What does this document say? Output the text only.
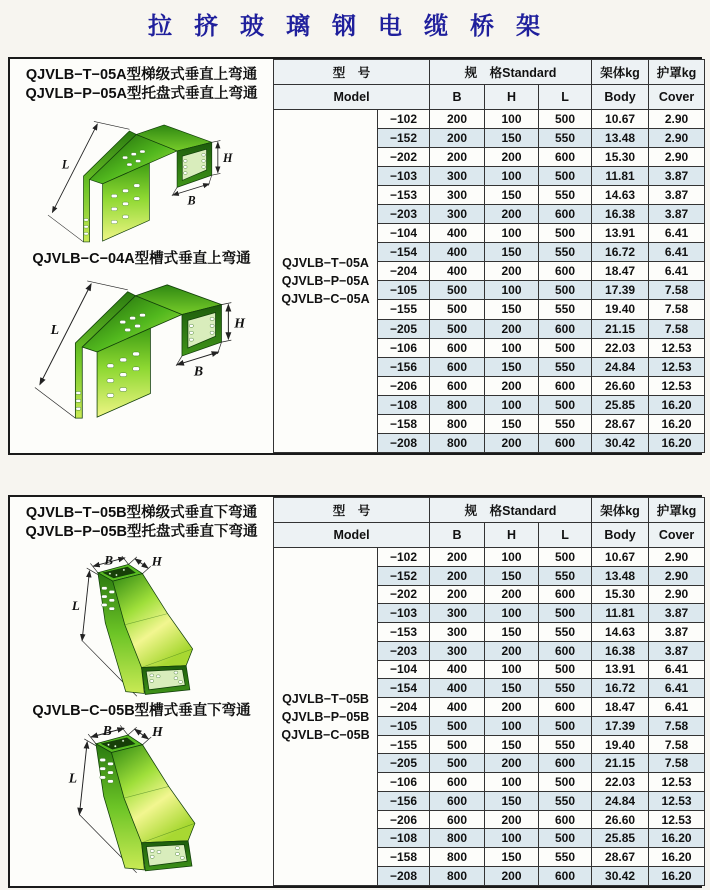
拉挤玻璃钢电缆桥架
QJVLB−T−05A型梯级式垂直上弯通
QJVLB−P−05A型托盘式垂直上弯通
QJVLB−C−04A型槽式垂直上弯通
型　号		规　格Standard			架体kg	护罩kg
Model		B	H	L	Body	Cover

QJVLB−T−05A
QJVLB−P−05A
QJVLB−C−05A	−102	200	100	500	10.67	2.90
	−152	200	150	550	13.48	2.90
	−202	200	200	600	15.30	2.90
	−103	300	100	500	11.81	3.87
	−153	300	150	550	14.63	3.87
	−203	300	200	600	16.38	3.87
	−104	400	100	500	13.91	6.41
	−154	400	150	550	16.72	6.41
	−204	400	200	600	18.47	6.41
	−105	500	100	500	17.39	7.58
	−155	500	150	550	19.40	7.58
	−205	500	200	600	21.15	7.58
	−106	600	100	500	22.03	12.53
	−156	600	150	550	24.84	12.53
	−206	600	200	600	26.60	12.53
	−108	800	100	500	25.85	16.20
	−158	800	150	550	28.67	16.20
	−208	800	200	600	30.42	16.20
QJVLB−T−05B型梯级式垂直下弯通
QJVLB−P−05B型托盘式垂直下弯通
QJVLB−C−05B型槽式垂直下弯通
型　号		规　格Standard			架体kg	护罩kg
Model		B	H	L	Body	Cover

QJVLB−T−05B
QJVLB−P−05B
QJVLB−C−05B	−102	200	100	500	10.67	2.90
	−152	200	150	550	13.48	2.90
	−202	200	200	600	15.30	2.90
	−103	300	100	500	11.81	3.87
	−153	300	150	550	14.63	3.87
	−203	300	200	600	16.38	3.87
	−104	400	100	500	13.91	6.41
	−154	400	150	550	16.72	6.41
	−204	400	200	600	18.47	6.41
	−105	500	100	500	17.39	7.58
	−155	500	150	550	19.40	7.58
	−205	500	200	600	21.15	7.58
	−106	600	100	500	22.03	12.53
	−156	600	150	550	24.84	12.53
	−206	600	200	600	26.60	12.53
	−108	800	100	500	25.85	16.20
	−158	800	150	550	28.67	16.20
	−208	800	200	600	30.42	16.20
